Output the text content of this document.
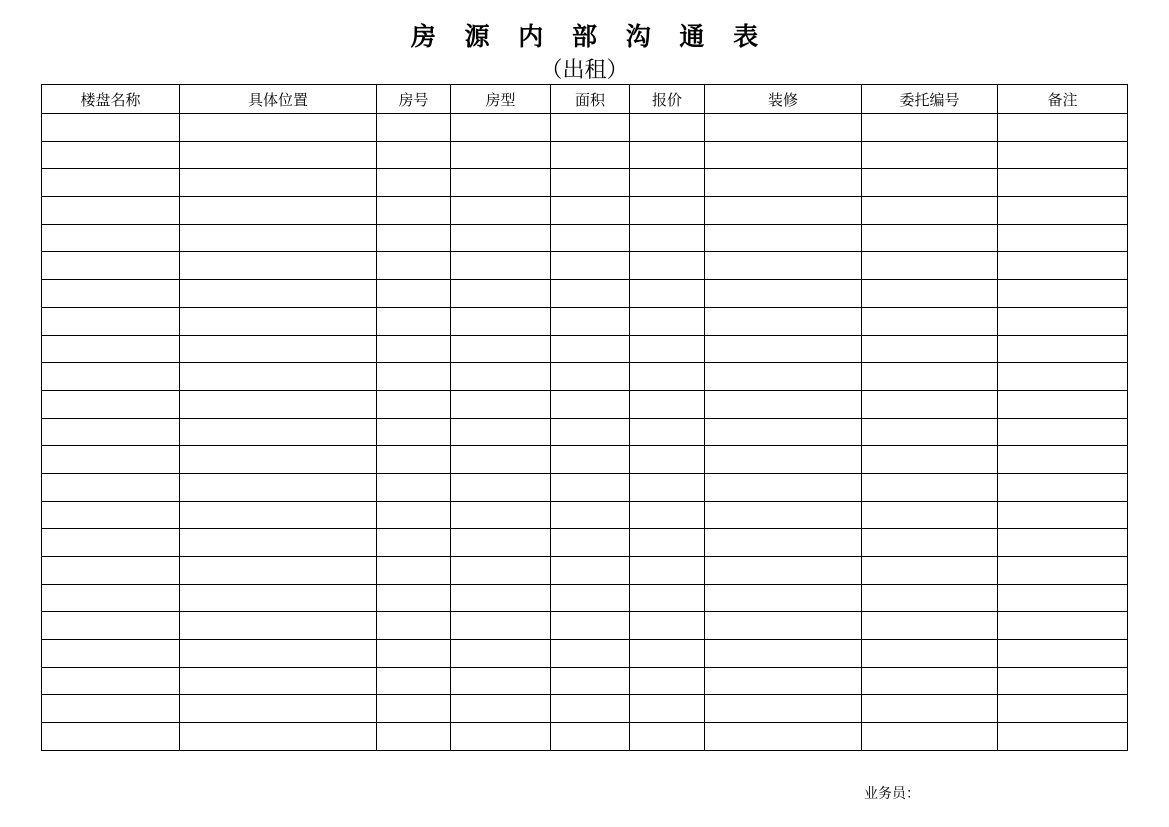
房 源 内 部 沟 通 表
（出租）
楼盘名称	具体位置	房号	房型	面积	报价	装修	委托编号	备注

业务员：
